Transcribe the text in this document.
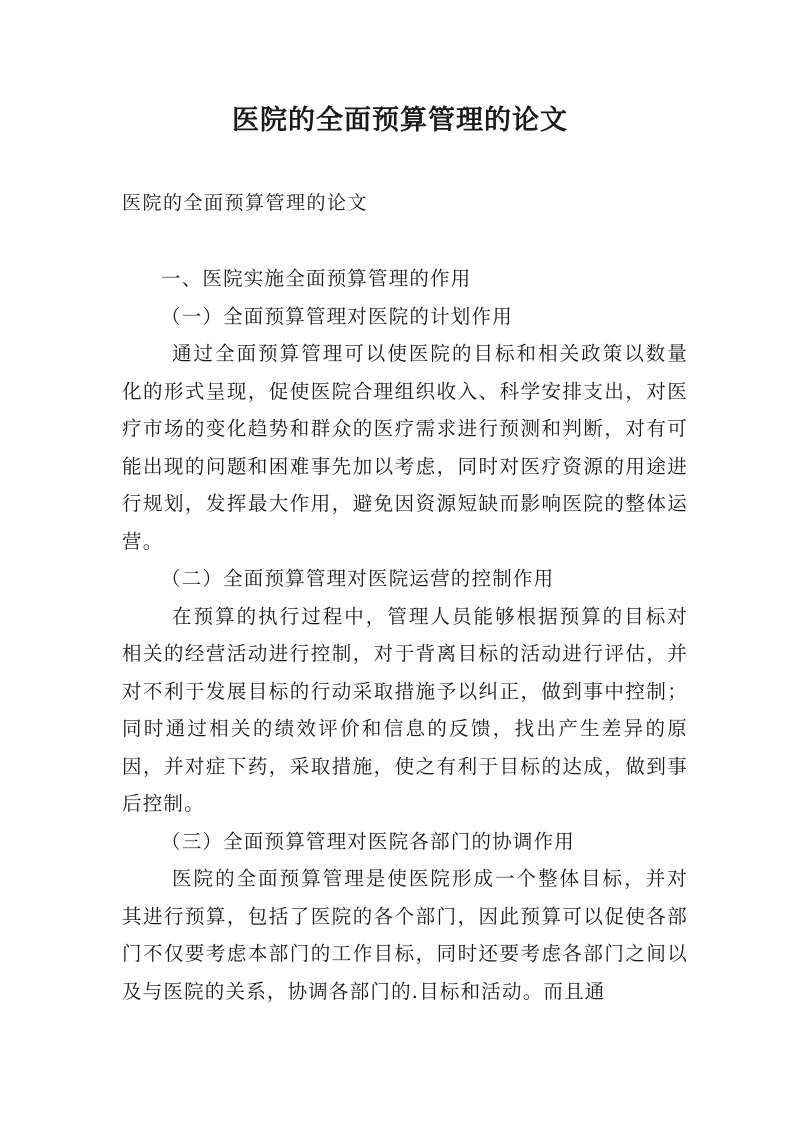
医院的全面预算管理的论文

医院的全面预算管理的论文

一、医院实施全面预算管理的作用

（一）全面预算管理对医院的计划作用

通过全面预算管理可以使医院的目标和相关政策以数量化的形式呈现，促使医院合理组织收入、科学安排支出，对医疗市场的变化趋势和群众的医疗需求进行预测和判断，对有可能出现的问题和困难事先加以考虑，同时对医疗资源的用途进行规划，发挥最大作用，避免因资源短缺而影响医院的整体运营。

（二）全面预算管理对医院运营的控制作用

在预算的执行过程中，管理人员能够根据预算的目标对相关的经营活动进行控制，对于背离目标的活动进行评估，并对不利于发展目标的行动采取措施予以纠正，做到事中控制；同时通过相关的绩效评价和信息的反馈，找出产生差异的原因，并对症下药，采取措施，使之有利于目标的达成，做到事后控制。

（三）全面预算管理对医院各部门的协调作用

医院的全面预算管理是使医院形成一个整体目标，并对其进行预算，包括了医院的各个部门，因此预算可以促使各部门不仅要考虑本部门的工作目标，同时还要考虑各部门之间以及与医院的关系，协调各部门的.目标和活动。而且通
